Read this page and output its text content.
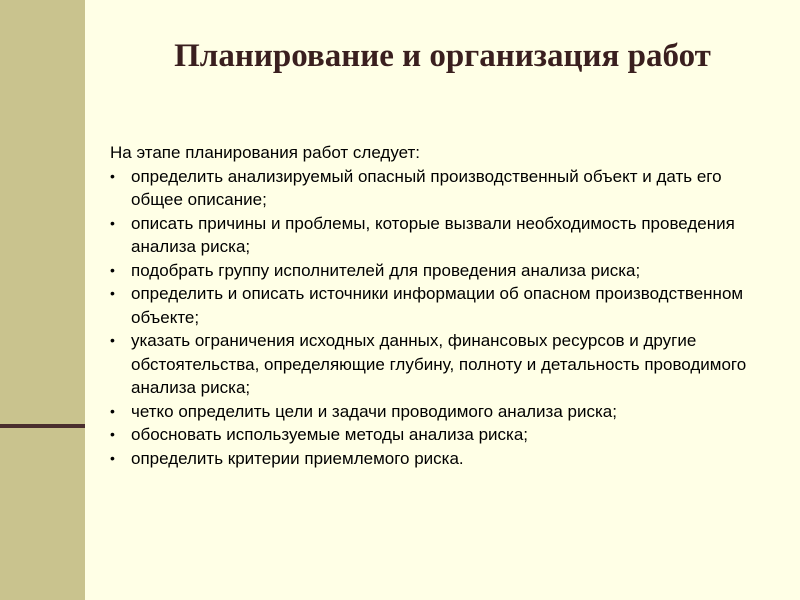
Планирование и организация работ

На этапе планирования работ следует:

• определить анализируемый опасный производственный объект и дать его общее описание;
• описать причины и проблемы, которые вызвали необходимость проведения анализа риска;
• подобрать группу исполнителей для проведения анализа риска;
• определить и описать источники информации об опасном производственном объекте;
• указать ограничения исходных данных, финансовых ресурсов и другие обстоятельства, определяющие глубину, полноту и детальность проводимого анализа риска;
• четко определить цели и задачи проводимого анализа риска;
• обосновать используемые методы анализа риска;
• определить критерии приемлемого риска.
